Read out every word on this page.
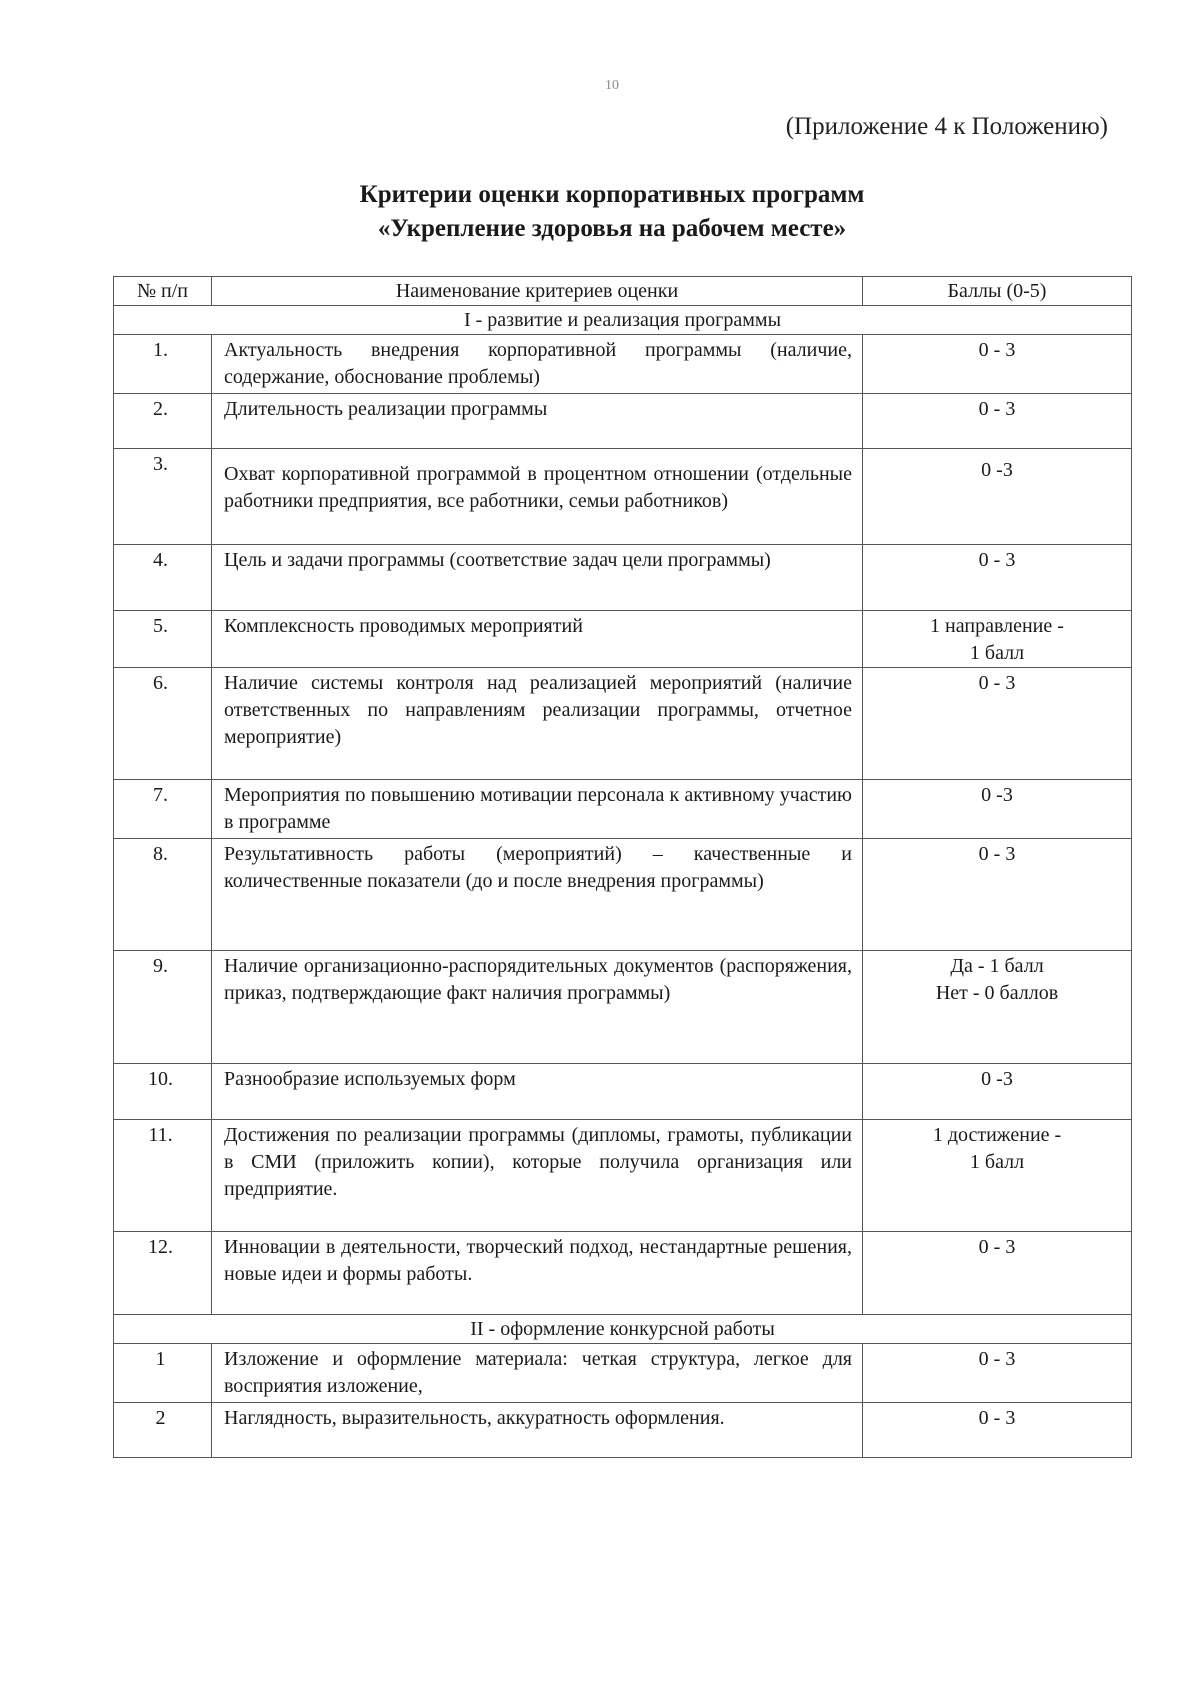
10
(Приложение 4 к Положению)
Критерии оценки корпоративных программ
«Укрепление здоровья на рабочем месте»
№ п/п	Наименование критериев оценки	Баллы (0-5)
I - развитие и реализация программы		
1.	Актуальность внедрения корпоративной программы (наличие, содержание, обоснование проблемы)	0 - 3

2.	Длительность реализации программы	0 - 3

3.	Охват корпоративной программой в процентном отношении (отдельные работники предприятия, все работники, семьи работников)	0 -3

4.	Цель и задачи программы (соответствие задач цели программы)	0 - 3

5.	Комплексность проводимых мероприятий	1 направление -
1 балл

6.	Наличие системы контроля над реализацией мероприятий (наличие ответственных по направлениям реализации программы, отчетное мероприятие)	0 - 3

7.	Мероприятия по повышению мотивации персонала к активному участию в программе	0 -3

8.	Результативность работы (мероприятий) – качественные и количественные показатели (до и после внедрения программы)	0 - 3

9.	Наличие организационно-распорядительных документов (распоряжения, приказ, подтверждающие факт наличия программы)	Да - 1 балл
Нет - 0 баллов

10.	Разнообразие используемых форм	0 -3

11.	Достижения по реализации программы (дипломы, грамоты, публикации в СМИ (приложить копии), которые получила организация или предприятие.	1 достижение -
1 балл

12.	Инновации в деятельности, творческий подход, нестандартные решения, новые идеи и формы работы.	0 - 3

II - оформление конкурсной работы		
1	Изложение и оформление материала: четкая структура, легкое для восприятия изложение,	0 - 3

2	Наглядность, выразительность, аккуратность оформления.	0 - 3
